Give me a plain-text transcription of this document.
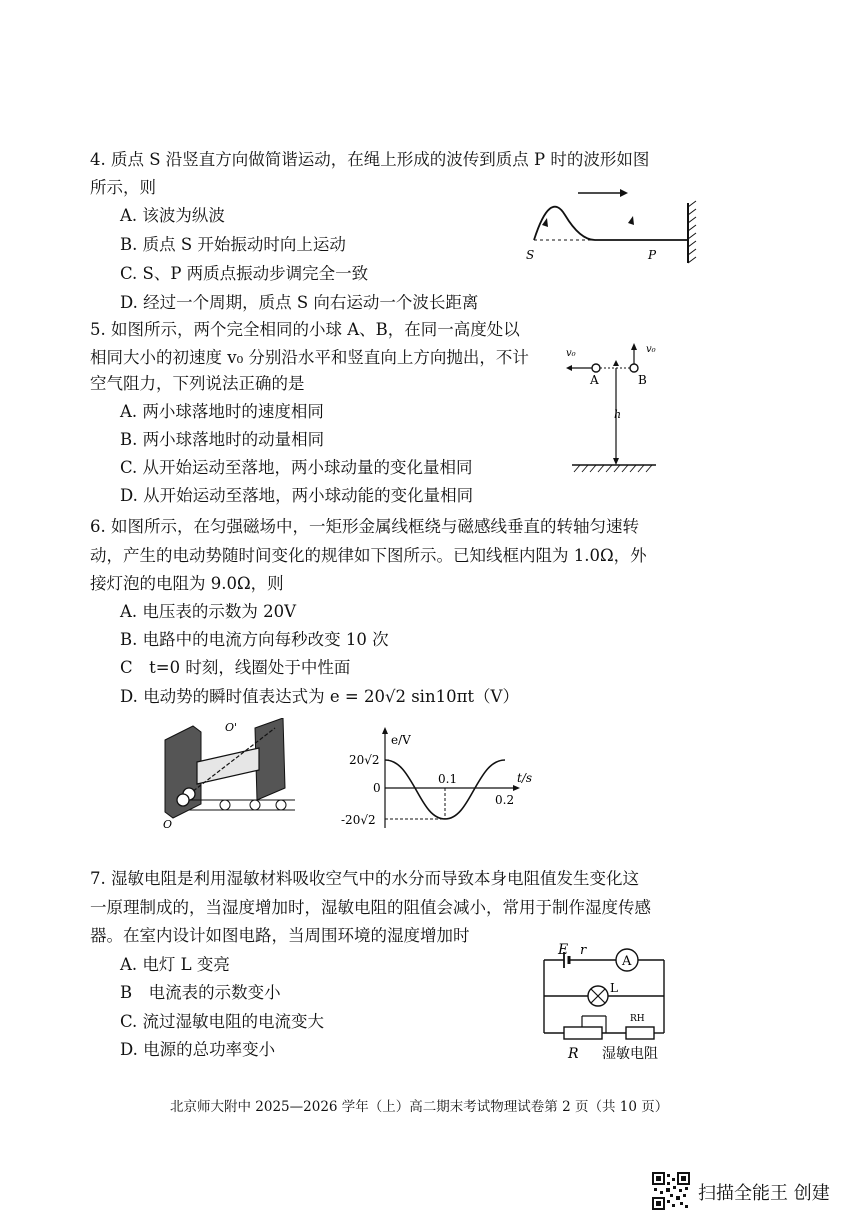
4. 质点 S 沿竖直方向做简谐运动，在绳上形成的波传到质点 P 时的波形如图
所示，则
A. 该波为纵波
B. 质点 S 开始振动时向上运动
C. S、P 两质点振动步调完全一致
D. 经过一个周期，质点 S 向右运动一个波长距离
S	P
5. 如图所示，两个完全相同的小球 A、B，在同一高度处以
相同大小的初速度 v₀ 分别沿水平和竖直向上方向抛出，不计
空气阻力，下列说法正确的是
A. 两小球落地时的速度相同
B. 两小球落地时的动量相同
C. 从开始运动至落地，两小球动量的变化量相同
D. 从开始运动至落地，两小球动能的变化量相同
v₀	v₀
A	B
h
6. 如图所示，在匀强磁场中，一矩形金属线框绕与磁感线垂直的转轴匀速转
动，产生的电动势随时间变化的规律如下图所示。已知线框内阻为 1.0Ω，外
接灯泡的电阻为 9.0Ω，则
A. 电压表的示数为 20V
B. 电路中的电流方向每秒改变 10 次
C　t=0 时刻，线圈处于中性面
D. 电动势的瞬时值表达式为 e = 20√2 sin10πt（V）
O'
O
e/V
t/s
20√2
0
-20√2
0.1
0.2
7. 湿敏电阻是利用湿敏材料吸收空气中的水分而导致本身电阻值发生变化这
一原理制成的，当湿度增加时，湿敏电阻的阻值会减小，常用于制作湿度传感
器。在室内设计如图电路，当周围环境的湿度增加时
A. 电灯 L 变亮
B　电流表的示数变小
C. 流过湿敏电阻的电流变大
D. 电源的总功率变小
E r
A
L
RH
R 湿敏电阻
北京师大附中 2025—2026 学年（上）高二期末考试物理试卷第 2 页（共 10 页）
扫描全能王 创建
